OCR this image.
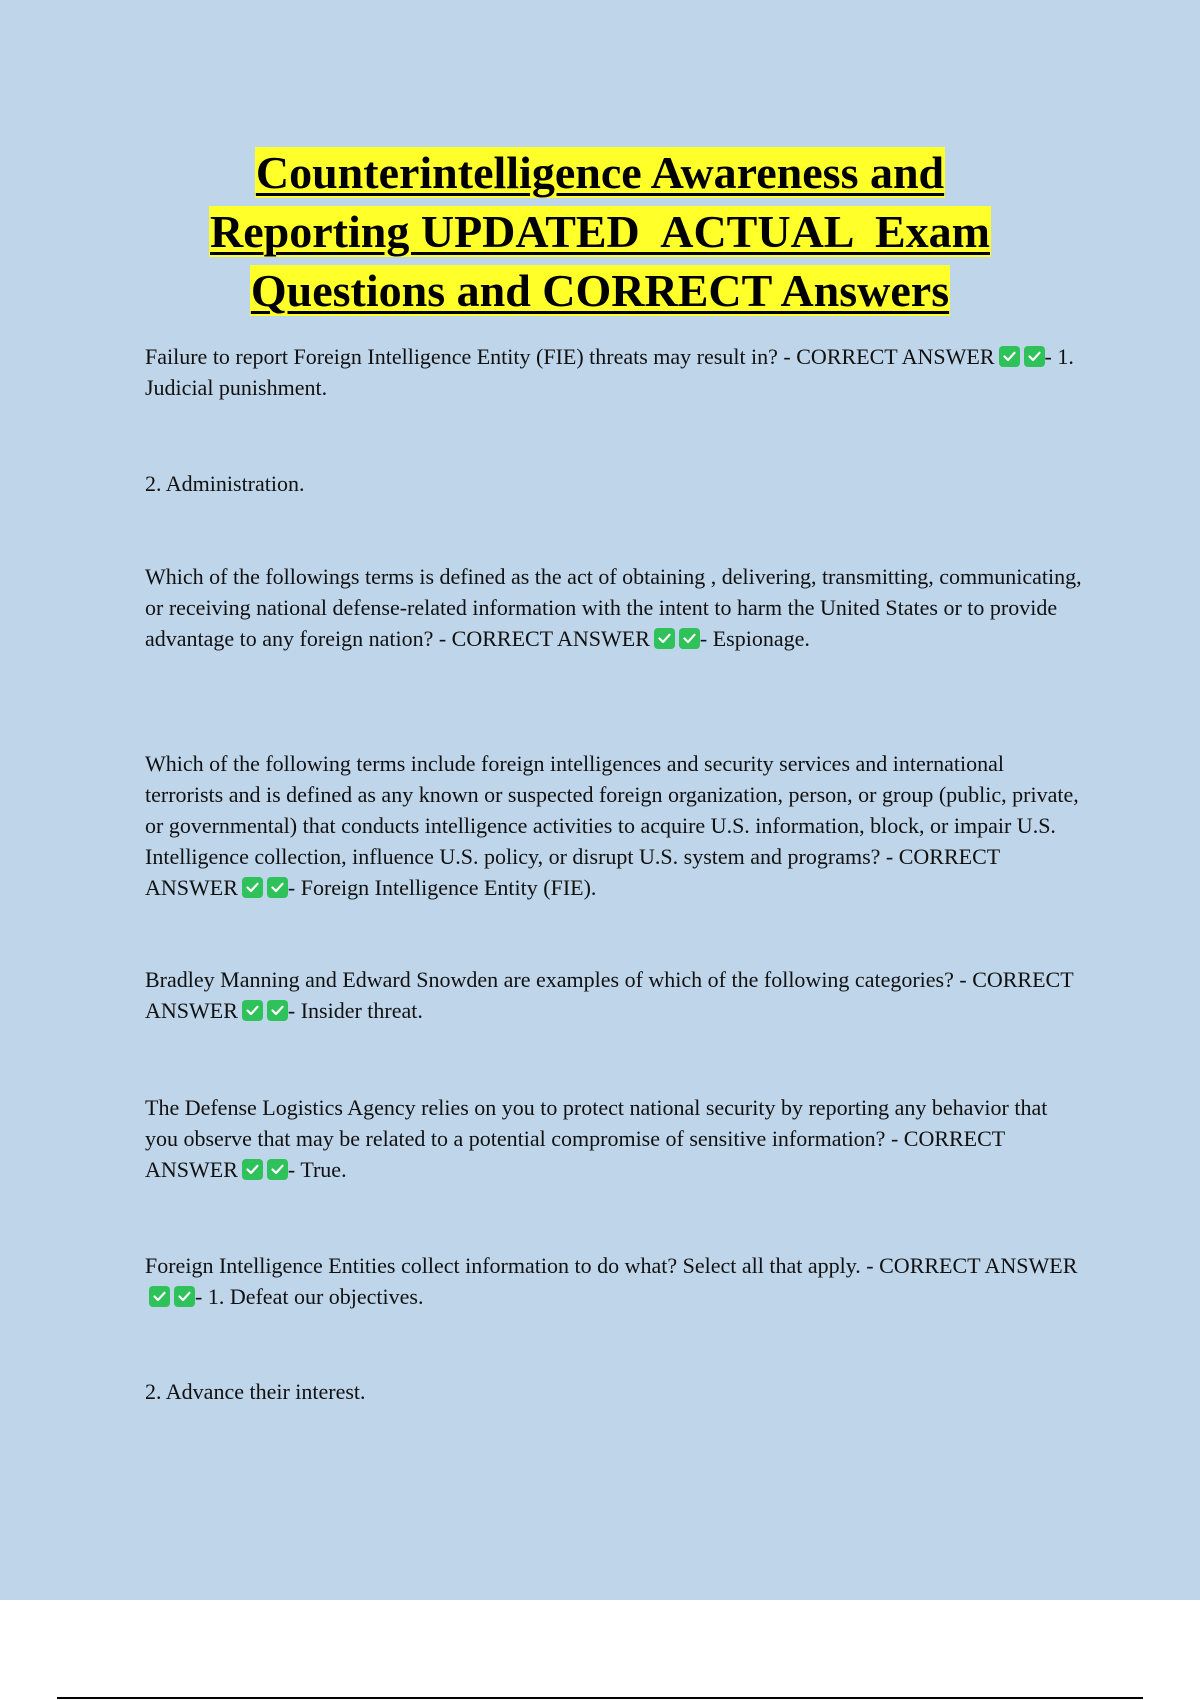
Counterintelligence Awareness and
Reporting UPDATED  ACTUAL  Exam
Questions and CORRECT Answers
Failure to report Foreign Intelligence Entity (FIE) threats may result in? - CORRECT ANSWER - 1. Judicial punishment.
2. Administration.
Which of the followings terms is defined as the act of obtaining , delivering, transmitting, communicating, or receiving national defense-related information with the intent to harm the United States or to provide advantage to any foreign nation? - CORRECT ANSWER - Espionage.
Which of the following terms include foreign intelligences and security services and international terrorists and is defined as any known or suspected foreign organization, person, or group (public, private, or governmental) that conducts intelligence activities to acquire U.S. information, block, or impair U.S. Intelligence collection, influence U.S. policy, or disrupt U.S. system and programs? - CORRECT ANSWER - Foreign Intelligence Entity (FIE).
Bradley Manning and Edward Snowden are examples of which of the following categories? - CORRECT ANSWER - Insider threat.
The Defense Logistics Agency relies on you to protect national security by reporting any behavior that you observe that may be related to a potential compromise of sensitive information? - CORRECT ANSWER - True.
Foreign Intelligence Entities collect information to do what? Select all that apply. - CORRECT ANSWER
- 1. Defeat our objectives.
2. Advance their interest.
